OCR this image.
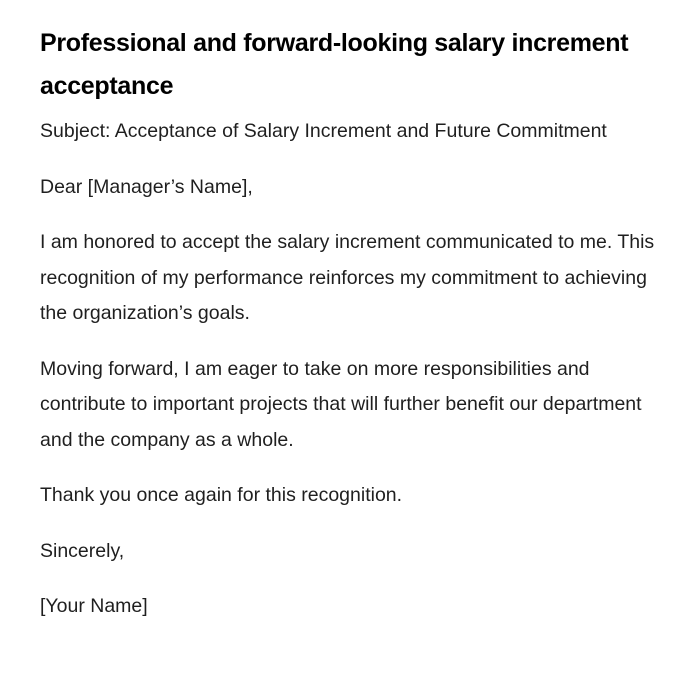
Professional and forward-looking salary increment acceptance

Subject: Acceptance of Salary Increment and Future Commitment

Dear [Manager’s Name],

I am honored to accept the salary increment communicated to me. This recognition of my performance reinforces my commitment to achieving the organization’s goals.

Moving forward, I am eager to take on more responsibilities and contribute to important projects that will further benefit our department and the company as a whole.

Thank you once again for this recognition.

Sincerely,

[Your Name]
